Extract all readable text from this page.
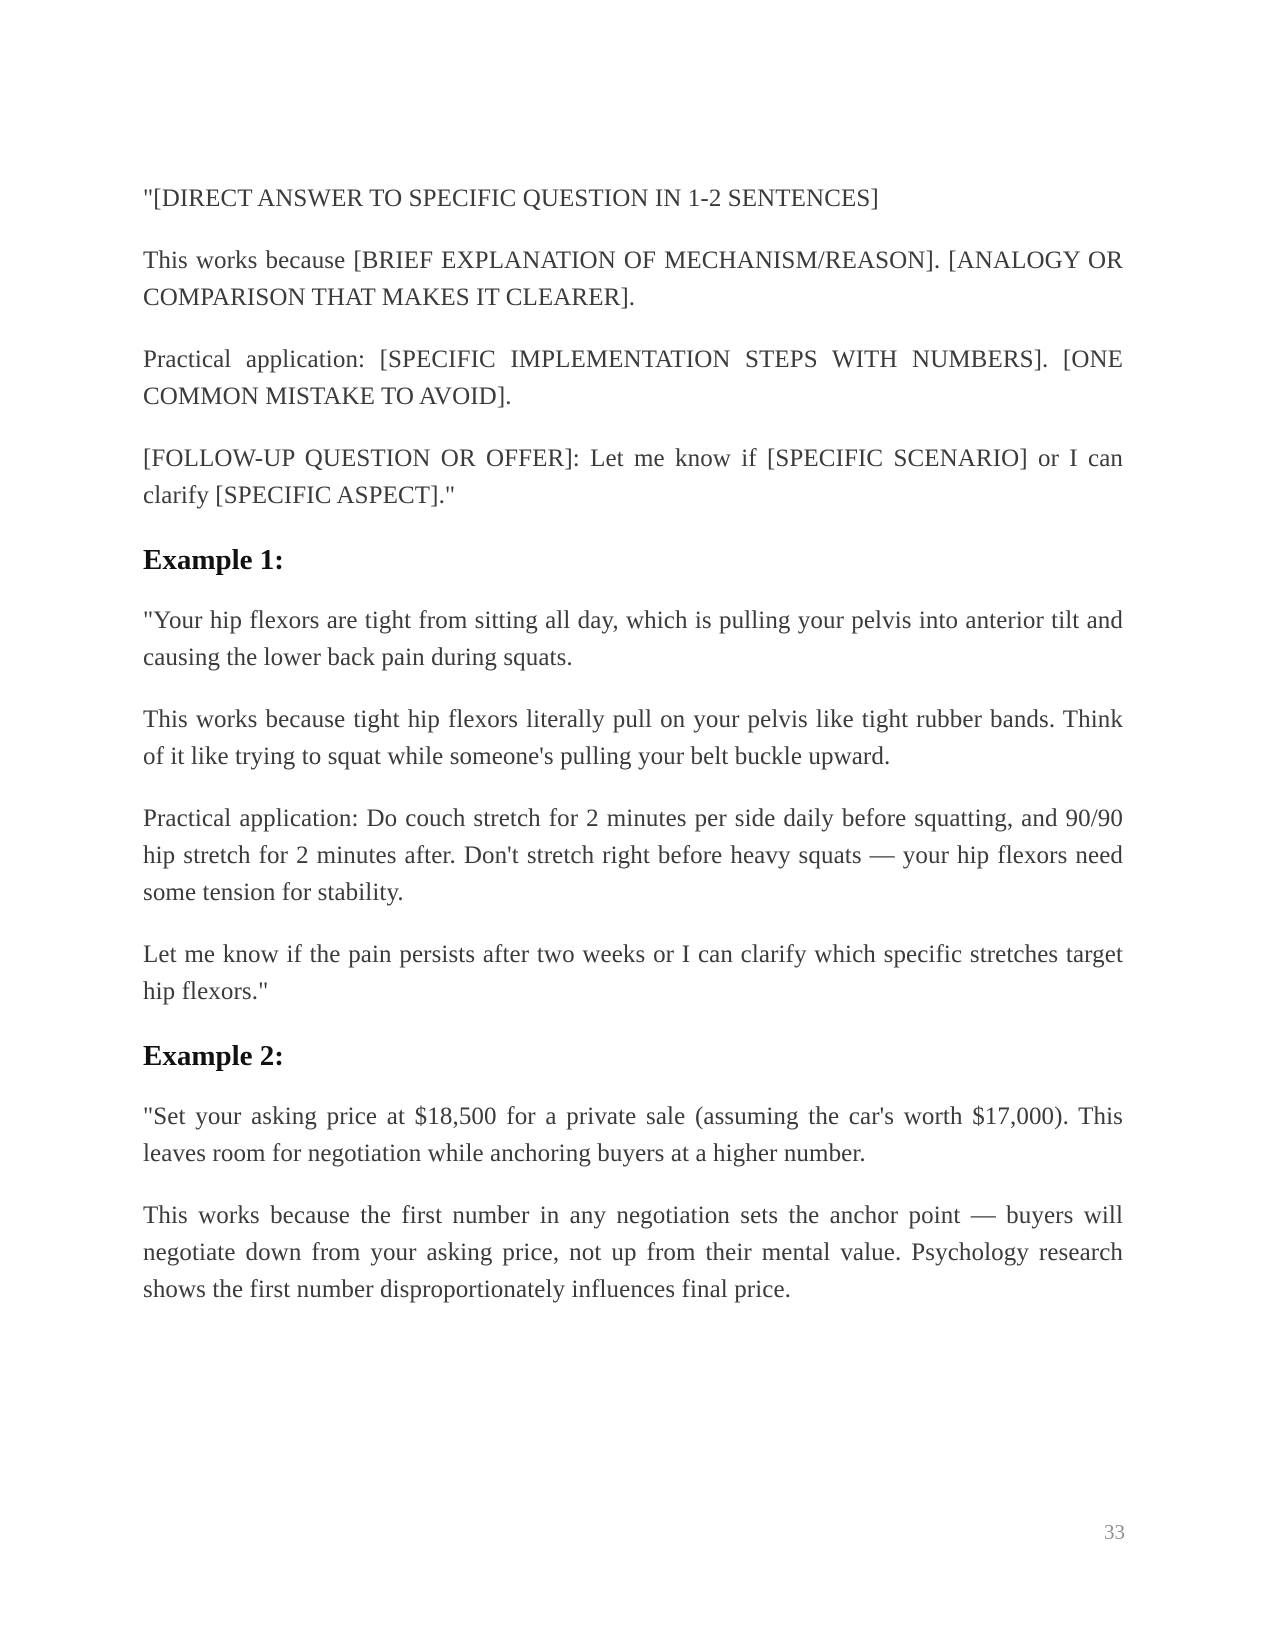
"[DIRECT ANSWER TO SPECIFIC QUESTION IN 1-2 SENTENCES]

This works because [BRIEF EXPLANATION OF MECHANISM/REASON]. [ANALOGY OR COMPARISON THAT MAKES IT CLEARER].

Practical application: [SPECIFIC IMPLEMENTATION STEPS WITH NUMBERS]. [ONE COMMON MISTAKE TO AVOID].

[FOLLOW-UP QUESTION OR OFFER]: Let me know if [SPECIFIC SCENARIO] or I can clarify [SPECIFIC ASPECT]."

Example 1:

"Your hip flexors are tight from sitting all day, which is pulling your pelvis into anterior tilt and causing the lower back pain during squats.

This works because tight hip flexors literally pull on your pelvis like tight rubber bands. Think of it like trying to squat while someone's pulling your belt buckle upward.

Practical application: Do couch stretch for 2 minutes per side daily before squatting, and 90/90 hip stretch for 2 minutes after. Don't stretch right before heavy squats — your hip flexors need some tension for stability.

Let me know if the pain persists after two weeks or I can clarify which specific stretches target hip flexors."

Example 2:

"Set your asking price at $18,500 for a private sale (assuming the car's worth $17,000). This leaves room for negotiation while anchoring buyers at a higher number.

This works because the first number in any negotiation sets the anchor point — buyers will negotiate down from your asking price, not up from their mental value. Psychology research shows the first number disproportionately influences final price.

33
